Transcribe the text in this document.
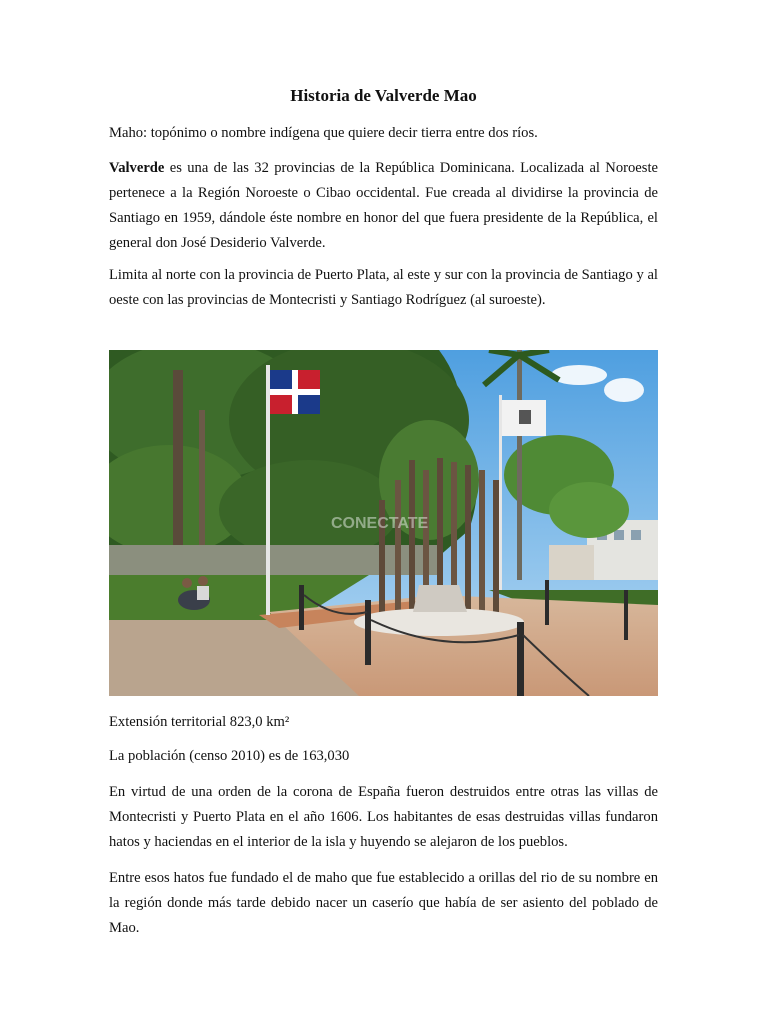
Historia de Valverde Mao

Maho: topónimo o nombre indígena que quiere decir tierra entre dos ríos.

Valverde es una de las 32 provincias de la República Dominicana. Localizada al Noroeste pertenece a la Región Noroeste o Cibao occidental. Fue creada al dividirse la provincia de Santiago en 1959, dándole éste nombre en honor del que fuera presidente de la República, el general don José Desiderio Valverde.

Limita al norte con la provincia de Puerto Plata, al este y sur con la provincia de Santiago y al oeste con las provincias de Montecristi y Santiago Rodríguez (al suroeste).

CONECTATE

Extensión territorial 823,0 km²

La población (censo 2010) es de 163,030

En virtud de una orden de la corona de España fueron destruidos entre otras las villas de Montecristi y Puerto Plata en el año 1606. Los habitantes de esas destruidas villas fundaron hatos y haciendas en el interior de la isla y huyendo se alejaron de los pueblos.

Entre esos hatos fue fundado el de maho que fue establecido a orillas del rio de su nombre en la región donde más tarde debido nacer un caserío que había de ser asiento del poblado de Mao.
